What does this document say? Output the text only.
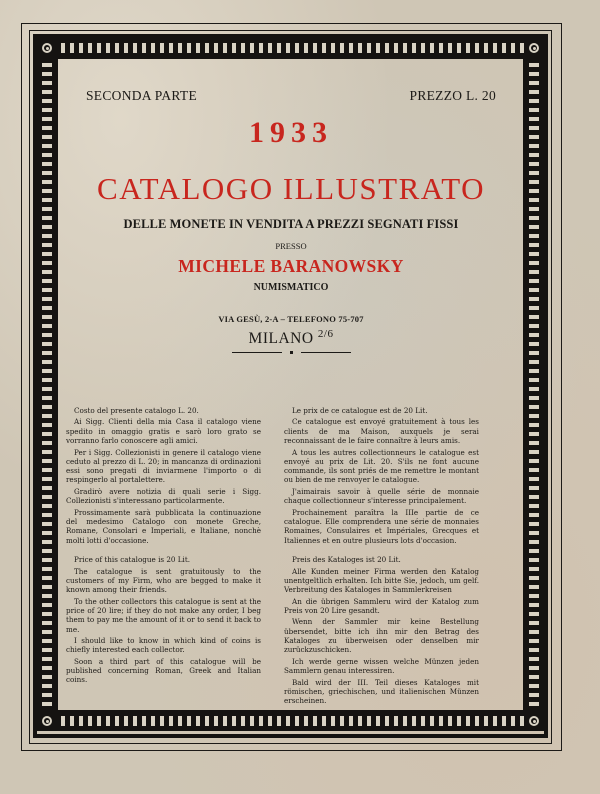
SECONDA PARTE	PREZZO L. 20
1933
CATALOGO ILLUSTRATO
DELLE MONETE IN VENDITA A PREZZI SEGNATI FISSI
PRESSO
MICHELE BARANOWSKY
NUMISMATICO
VIA GESÙ, 2-A – TELEFONO 75-707
MILANO $^{2/6}$

Costo del presente catalogo L. 20.

Ai Sigg. Clienti della mia Casa il catalogo viene spedito in omaggio gratis e sarò loro grato se vorranno farlo conoscere agli amici.

Per i Sigg. Collezionisti in genere il catalogo viene ceduto al prezzo di L. 20; in mancanza di ordinazioni essi sono pregati di inviarmene l'importo o di respingerlo al portalettere.

Gradirò avere notizia di quali serie i Sigg. Collezionisti s'interessano particolarmente.

Prossimamente sarà pubblicata la continuazione del medesimo Catalogo con monete Greche, Romane, Consolari e Imperiali, e Italiane, nonchè molti lotti d'occasione.

Price of this catalogue is 20 Lit.

The catalogue is sent gratuitously to the customers of my Firm, who are begged to make it known among their friends.

To the other collectors this catalogue is sent at the price of 20 lire; if they do not make any order, I beg them to pay me the amount of it or to send it back to me.

I should like to know in which kind of coins is chiefly interested each collector.

Soon a third part of this catalogue will be published concerning Roman, Greek and Italian coins.

Le prix de ce catalogue est de 20 Lit.

Ce catalogue est envoyé gratuitement à tous les clients de ma Maison, auxquels je serai reconnaissant de le faire connaître à leurs amis.

A tous les autres collectionneurs le catalogue est envoyé au prix de Lit. 20. S'ils ne font aucune commande, ils sont priés de me remettre le montant ou bien de me renvoyer le catalogue.

J'aimairais savoir à quelle série de monnaie chaque collectionneur s'interesse principalement.

Prochainement paraîtra la IIIe partie de ce catalogue. Elle comprendera une série de monnaies Romaines, Consulaires et Impériales, Grecques et Italiennes et en outre plusieurs lots d'occasion.

Preis des Kataloges ist 20 Lit.

Alle Kunden meiner Firma werden den Katalog unentgeltlich erhalten. Ich bitte Sie, jedoch, um gelf. Verbreitung des Kataloges in Sammlerkreisen

An die übrigen Sammleru wird der Katalog zum Preis von 20 Lire gesandt.

Wenn der Sammler mir keine Bestellung übersendet, bitte ich ihn mir den Betrag des Kataloges zu überweisen oder denselben mir zurückzuschicken.

Ich werde gerne wissen welche Münzen jeden Sammlern genau interessiren.

Bald wird der III. Teil dieses Kataloges mit römischen, griechischen, und italienischen Münzen erscheinen.
